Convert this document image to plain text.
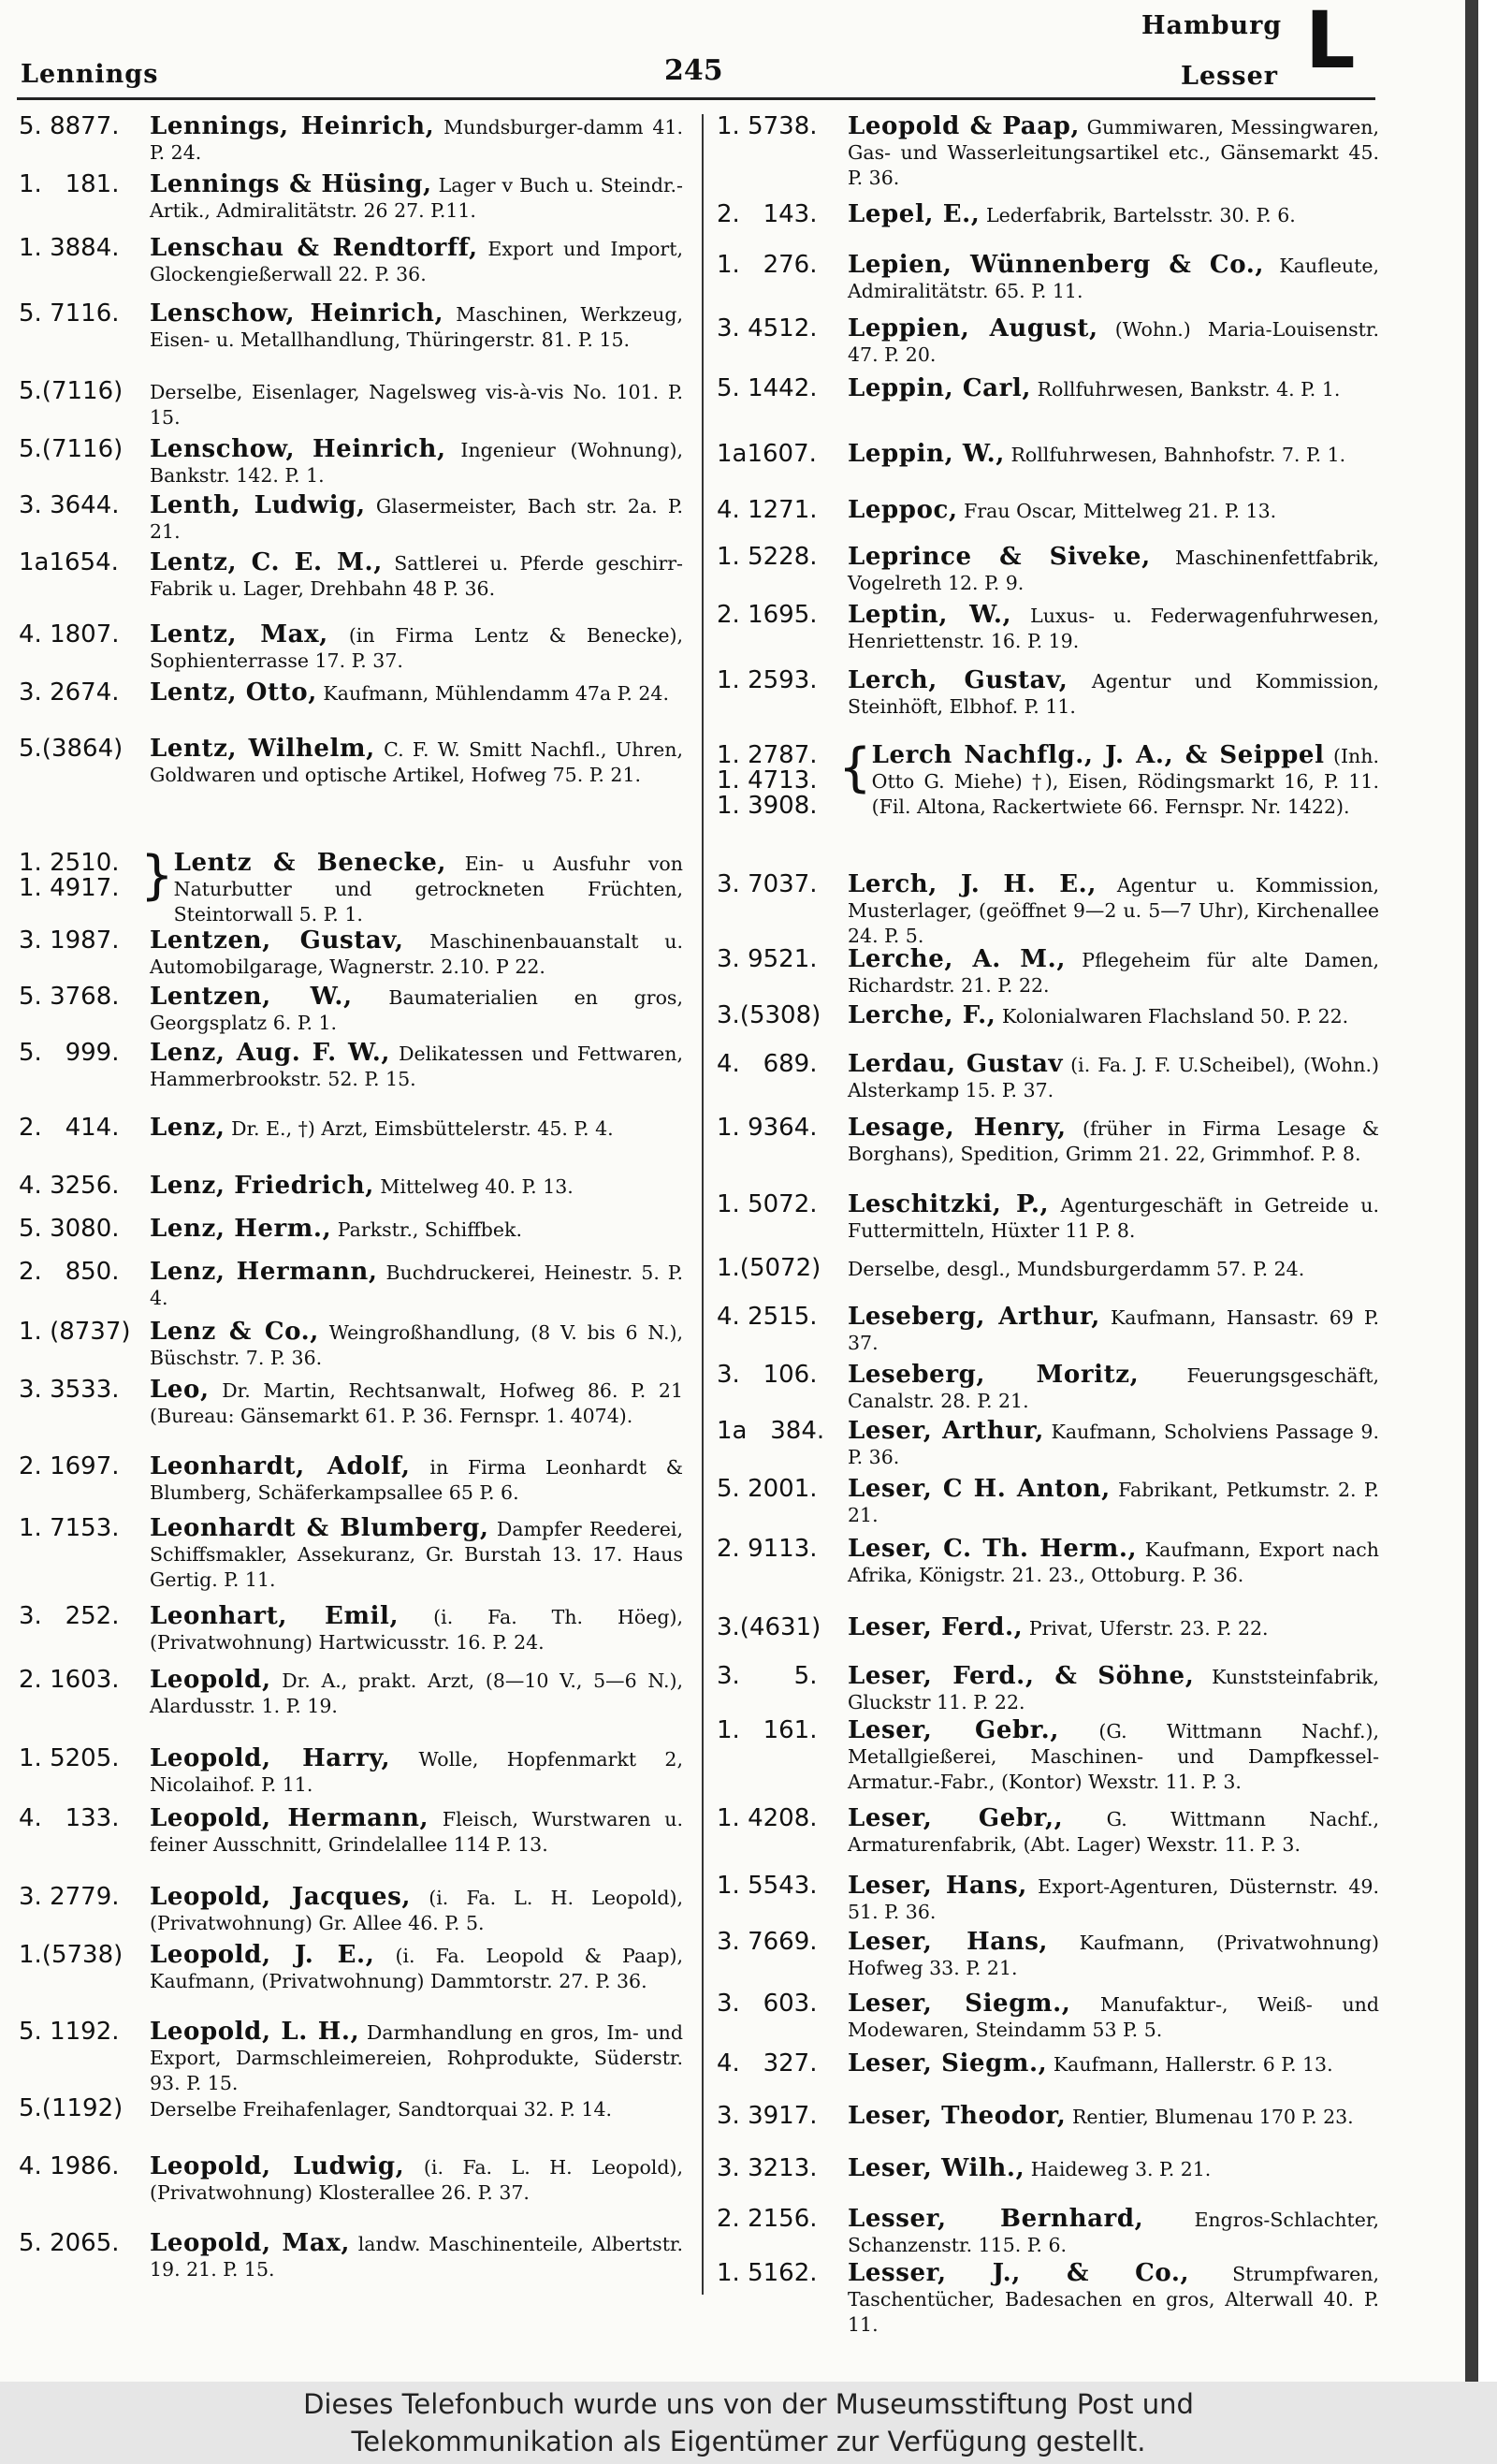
Lennings	245
Hamburg
Lesser L
5. 8877.	Lennings, Heinrich, Mundsburger-damm 41. P. 24.
1.   181.	Lennings & Hüsing, Lager v Buch u. Steindr.-Artik., Admiralitätstr. 26 27. P.11.
1. 3884.	Lenschau & Rendtorff, Export und Import, Glockengießerwall 22. P. 36.
5. 7116.	Lenschow, Heinrich, Maschinen, Werkzeug, Eisen- u. Metallhandlung, Thüringerstr. 81. P. 15.
5.(7116)	Derselbe, Eisenlager, Nagelsweg vis-à-vis No. 101. P. 15.
5.(7116)	Lenschow, Heinrich, Ingenieur (Wohnung), Bankstr. 142. P. 1.
3. 3644.	Lenth, Ludwig, Glasermeister, Bach str. 2a. P. 21.
1a1654.	Lentz, C. E. M., Sattlerei u. Pferde geschirr-Fabrik u. Lager, Drehbahn 48 P. 36.
4. 1807.	Lentz, Max, (in Firma Lentz & Benecke), Sophienterrasse 17. P. 37.
3. 2674.	Lentz, Otto, Kaufmann, Mühlendamm 47a P. 24.
5.(3864)	Lentz, Wilhelm, C. F. W. Smitt Nachfl., Uhren, Goldwaren und optische Artikel, Hofweg 75. P. 21.
1. 2510.
1. 4917. } Lentz & Benecke, Ein- u Ausfuhr von Naturbutter und getrockneten Früchten, Steintorwall 5. P. 1.
3. 1987.	Lentzen, Gustav, Maschinenbauanstalt u. Automobilgarage, Wagnerstr. 2.10. P 22.
5. 3768.	Lentzen, W., Baumaterialien en gros, Georgsplatz 6. P. 1.
5.   999.	Lenz, Aug. F. W., Delikatessen und Fettwaren, Hammerbrookstr. 52. P. 15.
2.   414.	Lenz, Dr. E., †) Arzt, Eimsbüttelerstr. 45. P. 4.
4. 3256.	Lenz, Friedrich, Mittelweg 40. P. 13.
5. 3080.	Lenz, Herm., Parkstr., Schiffbek.
2.   850.	Lenz, Hermann, Buchdruckerei, Heinestr. 5. P. 4.
1. (8737) Lenz & Co., Weingroßhandlung, (8 V. bis 6 N.), Büschstr. 7. P. 36.
3. 3533.	Leo, Dr. Martin, Rechtsanwalt, Hofweg 86. P. 21 (Bureau: Gänsemarkt 61. P. 36. Fernspr. 1. 4074).
2. 1697.	Leonhardt, Adolf, in Firma Leonhardt & Blumberg, Schäferkampsallee 65 P. 6.
1. 7153.	Leonhardt & Blumberg, Dampfer Reederei, Schiffsmakler, Assekuranz, Gr. Burstah 13. 17. Haus Gertig. P. 11.
3.   252.	Leonhart, Emil, (i. Fa. Th. Höeg), (Privatwohnung) Hartwicusstr. 16. P. 24.
2. 1603.	Leopold, Dr. A., prakt. Arzt, (8—10 V., 5—6 N.), Alardusstr. 1. P. 19.
1. 5205.	Leopold, Harry, Wolle, Hopfenmarkt 2, Nicolaihof. P. 11.
4.   133.	Leopold, Hermann, Fleisch, Wurstwaren u. feiner Ausschnitt, Grindelallee 114 P. 13.
3. 2779.	Leopold, Jacques, (i. Fa. L. H. Leopold), (Privatwohnung) Gr. Allee 46. P. 5.
1.(5738)	Leopold, J. E., (i. Fa. Leopold & Paap), Kaufmann, (Privatwohnung) Dammtorstr. 27. P. 36.
5. 1192.	Leopold, L. H., Darmhandlung en gros, Im- und Export, Darmschleimereien, Rohprodukte, Süderstr. 93. P. 15.
5.(1192)	Derselbe Freihafenlager, Sandtorquai 32. P. 14.
4. 1986.	Leopold, Ludwig, (i. Fa. L. H. Leopold), (Privatwohnung) Klosterallee 26. P. 37.
5. 2065.	Leopold, Max, landw. Maschinenteile, Albertstr. 19. 21. P. 15.
1. 5738.	Leopold & Paap, Gummiwaren, Messingwaren, Gas- und Wasserleitungsartikel etc., Gänsemarkt 45. P. 36.
2.   143.	Lepel, E., Lederfabrik, Bartelsstr. 30. P. 6.
1.   276.	Lepien, Wünnenberg & Co., Kaufleute, Admiralitätstr. 65. P. 11.
3. 4512.	Leppien, August, (Wohn.) Maria-Louisenstr. 47. P. 20.
5. 1442.	Leppin, Carl, Rollfuhrwesen, Bankstr. 4. P. 1.
1a1607.	Leppin, W., Rollfuhrwesen, Bahnhofstr. 7. P. 1.
4. 1271.	Leppoc, Frau Oscar, Mittelweg 21. P. 13.
1. 5228.	Leprince & Siveke, Maschinenfettfabrik, Vogelreth 12. P. 9.
2. 1695.	Leptin, W., Luxus- u. Federwagenfuhrwesen, Henriettenstr. 16. P. 19.
1. 2593.	Lerch, Gustav, Agentur und Kommission, Steinhöft, Elbhof. P. 11.
1. 2787.
1. 4713.
1. 3908.
{ Lerch Nachflg., J. A., & Seippel (Inh. Otto G. Miehe) †), Eisen, Rödingsmarkt 16, P. 11. (Fil. Altona, Rackertwiete 66. Fernspr. Nr. 1422).
3. 7037.	Lerch, J. H. E., Agentur u. Kommission, Musterlager, (geöffnet 9—2 u. 5—7 Uhr), Kirchenallee 24. P. 5.
3. 9521.	Lerche, A. M., Pflegeheim für alte Damen, Richardstr. 21. P. 22.
3.(5308)	Lerche, F., Kolonialwaren Flachsland 50. P. 22.
4.   689.	Lerdau, Gustav (i. Fa. J. F. U.Scheibel), (Wohn.) Alsterkamp 15. P. 37.
1. 9364.	Lesage, Henry, (früher in Firma Lesage & Borghans), Spedition, Grimm 21. 22, Grimmhof. P. 8.
1. 5072.	Leschitzki, P., Agenturgeschäft in Getreide u. Futtermitteln, Hüxter 11 P. 8.
1.(5072)	Derselbe, desgl., Mundsburgerdamm 57. P. 24.
4. 2515.	Leseberg, Arthur, Kaufmann, Hansastr. 69 P. 37.
3.   106.	Leseberg, Moritz,	Feuerungsgeschäft, Canalstr. 28. P. 21.
1a   384. Leser, Arthur, Kaufmann, Scholviens Passage 9. P. 36.
5. 2001.	Leser, C H. Anton, Fabrikant, Petkumstr. 2. P. 21.
2. 9113.	Leser, C. Th. Herm., Kaufmann, Export nach Afrika, Königstr. 21. 23., Ottoburg. P. 36.
3.(4631)	Leser, Ferd., Privat, Uferstr. 23. P. 22.
3.       5.	Leser, Ferd., & Söhne, Kunststeinfabrik, Gluckstr 11. P. 22.
1.   161.	Leser, Gebr., (G. Wittmann Nachf.), Metallgießerei, Maschinen- und Dampfkessel-Armatur.-Fabr., (Kontor) Wexstr. 11. P. 3.
1. 4208.	Leser, Gebr,, G. Wittmann Nachf., Armaturenfabrik, (Abt. Lager) Wexstr. 11. P. 3.
1. 5543.	Leser, Hans, Export-Agenturen, Düsternstr. 49. 51. P. 36.
3. 7669.	Leser, Hans, Kaufmann, (Privatwohnung) Hofweg 33. P. 21.
3.   603.	Leser, Siegm., Manufaktur-, Weiß- und Modewaren, Steindamm 53 P. 5.
4.   327.	Leser, Siegm., Kaufmann, Hallerstr. 6 P. 13.
3. 3917.	Leser, Theodor, Rentier, Blumenau 170 P. 23.
3. 3213.	Leser, Wilh., Haideweg 3. P. 21.
2. 2156.	Lesser, Bernhard,	Engros-Schlachter, Schanzenstr. 115. P. 6.
1. 5162.	Lesser, J., & Co., Strumpfwaren, Taschentücher, Badesachen en gros, Alterwall 40. P. 11.
Dieses Telefonbuch wurde uns von der Museumsstiftung Post und
Telekommunikation als Eigentümer zur Verfügung gestellt.
